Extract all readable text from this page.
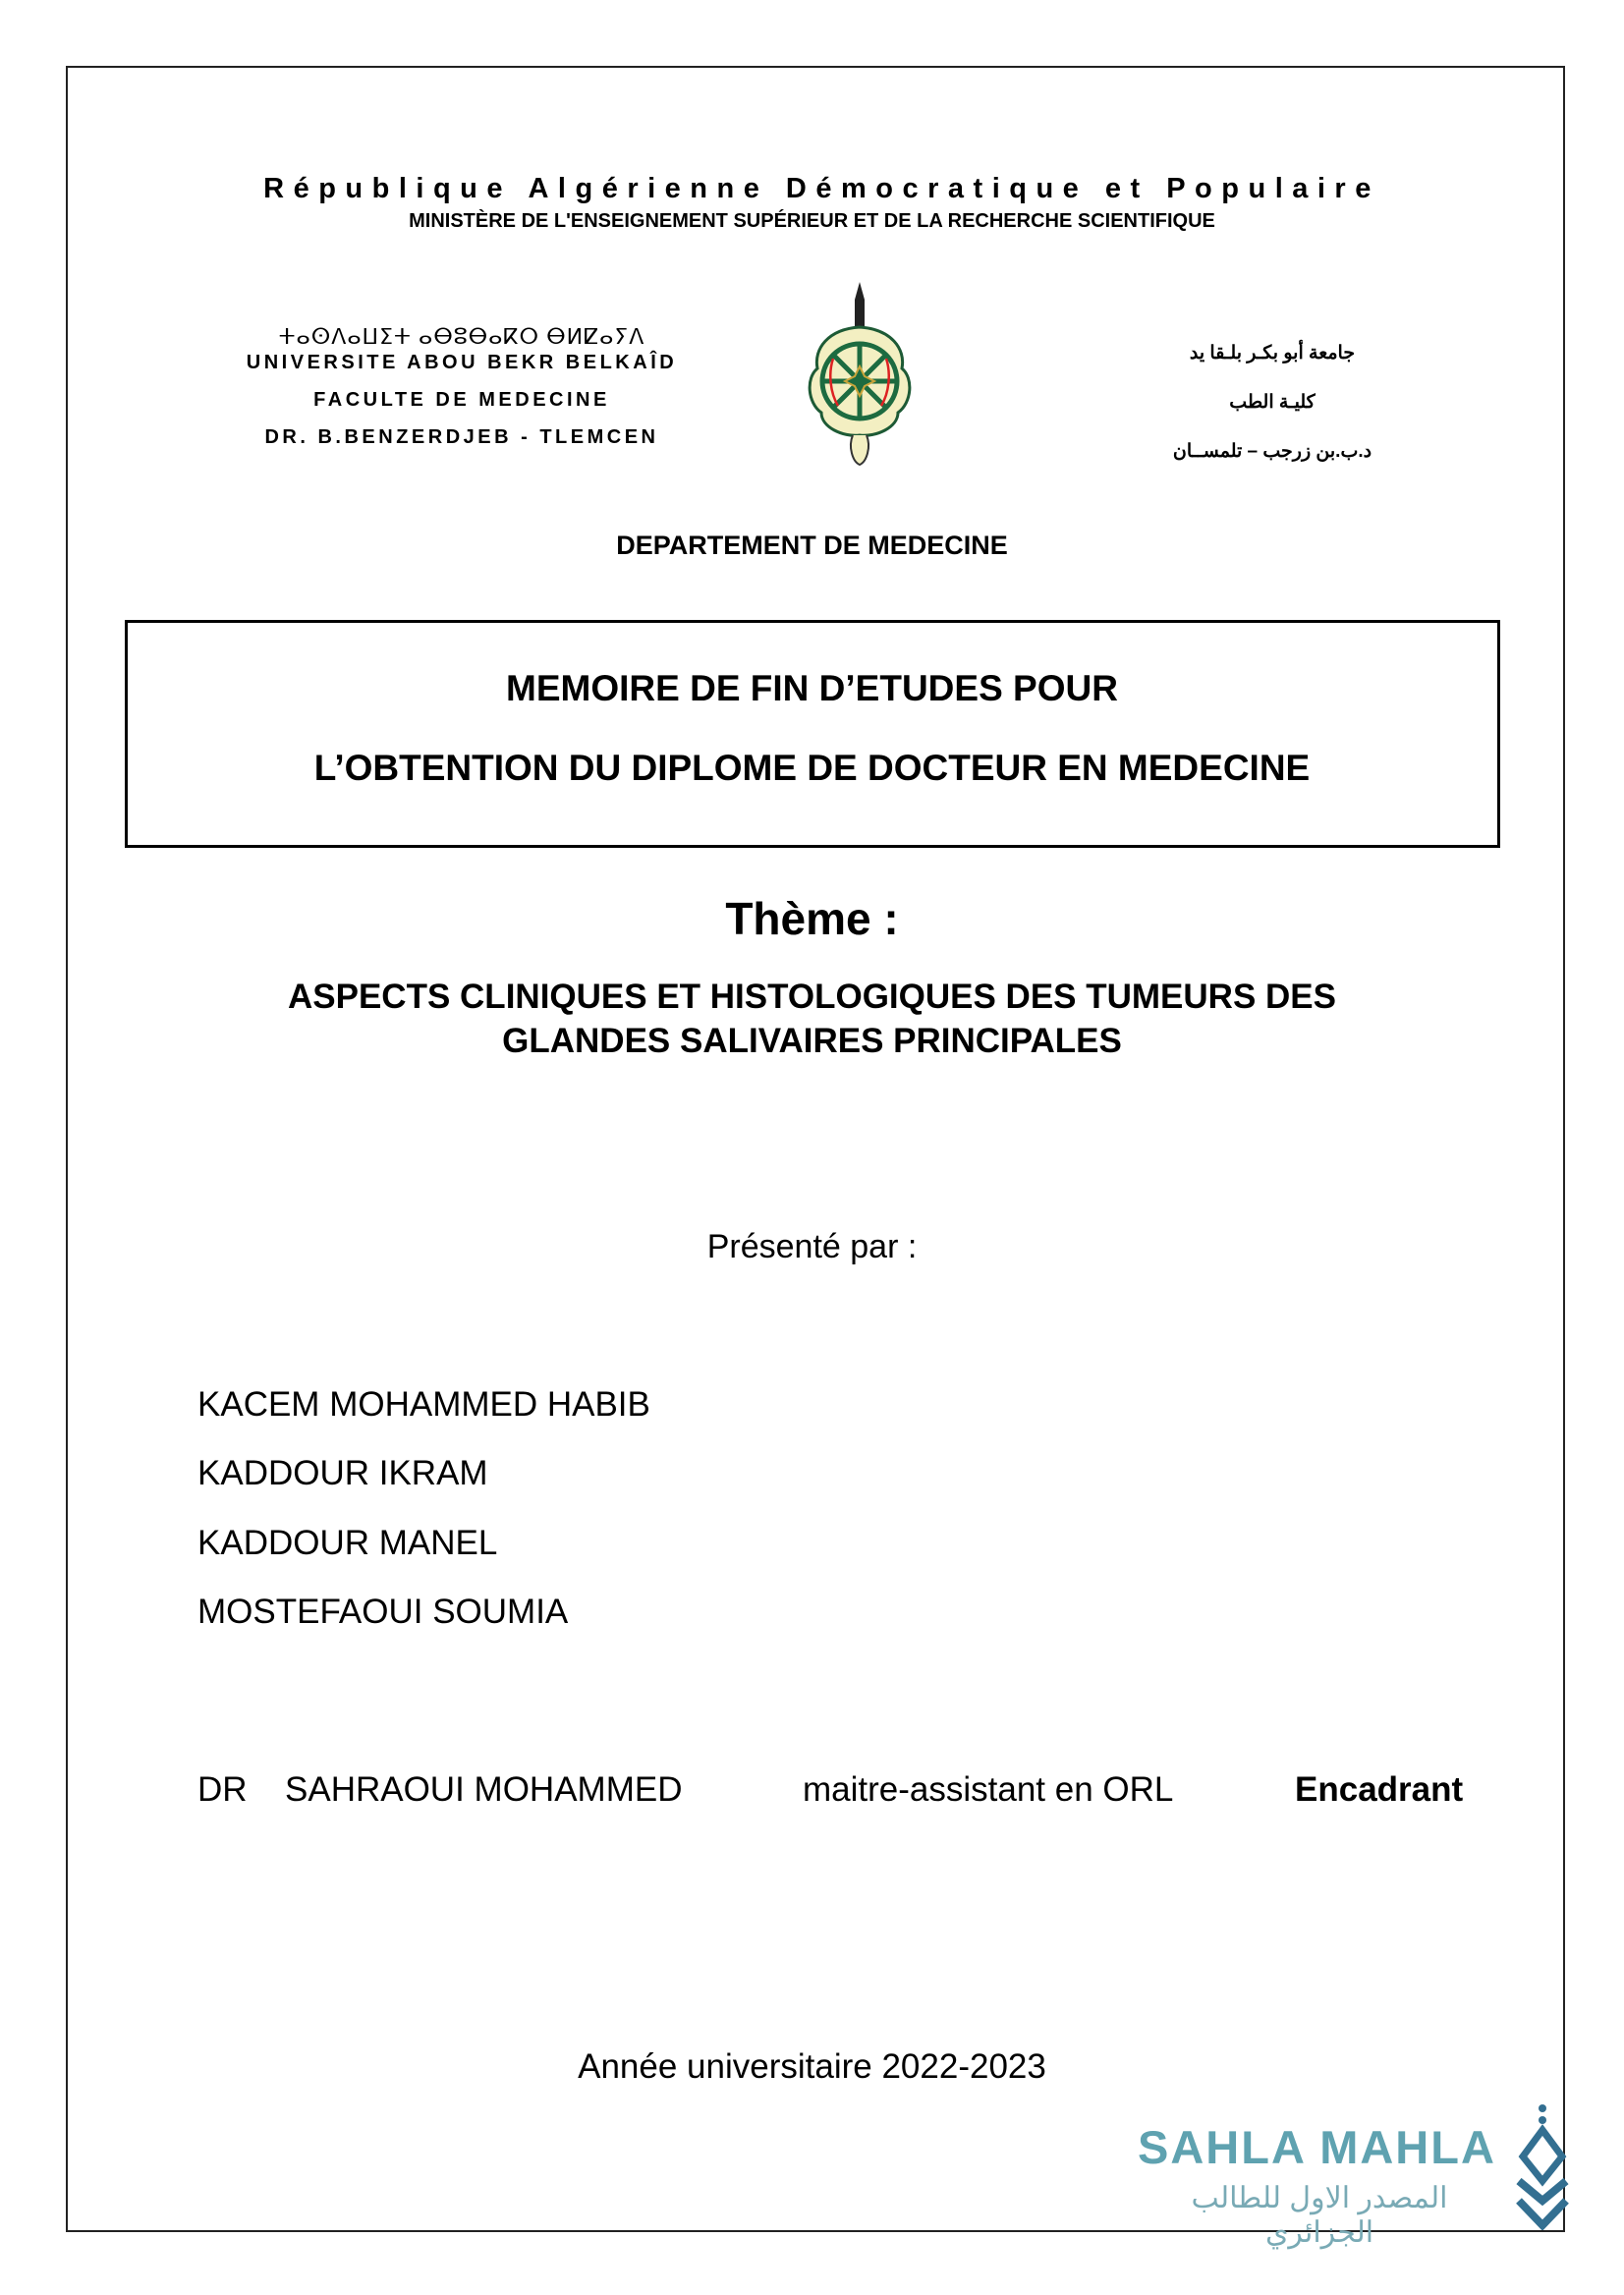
République Algérienne Démocratique et Populaire
MINISTÈRE DE L'ENSEIGNEMENT SUPÉRIEUR ET DE LA RECHERCHE SCIENTIFIQUE
ⵜⴰⵙⴷⴰⵡⵉⵜ ⴰⴱⵓⴱⴰⴽⵔ ⴱⵍⵇⴰⵢⴷ
UNIVERSITE ABOU BEKR BELKAÎD
FACULTE DE MEDECINE
DR. B.BENZERDJEB - TLEMCEN
جامعة أبو بكـر بلـقا يد
كليـة الطب
د.ب.بن زرجب – تلمســان
DEPARTEMENT DE MEDECINE
MEMOIRE DE FIN D’ETUDES POUR
L’OBTENTION DU DIPLOME DE DOCTEUR EN MEDECINE
Thème :
ASPECTS CLINIQUES ET HISTOLOGIQUES DES TUMEURS DES
GLANDES SALIVAIRES PRINCIPALES
Présenté par :
KACEM MOHAMMED HABIB
KADDOUR IKRAM
KADDOUR MANEL
MOSTEFAOUI SOUMIA
DR SAHRAOUI MOHAMMED	maitre-assistant en ORL	Encadrant
Année universitaire 2022-2023
SAHLA MAHLA
المصدر الاول للطالب الجزائري
